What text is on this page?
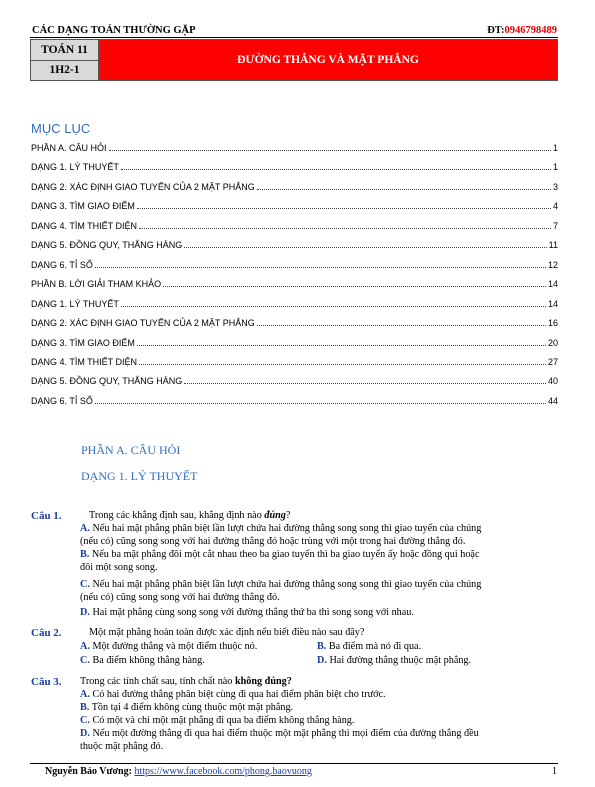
CÁC DẠNG TOÁN THƯỜNG GẶP	ĐT:0946798489
TOÁN 11
1H2-1
ĐƯỜNG THẲNG VÀ MẶT PHẲNG
MỤC LỤC
PHẦN A. CÂU HỎI	1
DẠNG 1. LÝ THUYẾT	1
DẠNG 2. XÁC ĐỊNH GIAO TUYẾN CỦA 2 MẶT PHẲNG	3
DẠNG 3. TÌM GIAO ĐIỂM	4
DẠNG 4. TÌM THIẾT DIỆN	7
DẠNG 5. ĐỒNG QUY, THẲNG HÀNG	11
DẠNG 6. TỈ SỐ	12
PHẦN B. LỜI GIẢI THAM KHẢO	14
DẠNG 1. LÝ THUYẾT	14
DẠNG 2. XÁC ĐỊNH GIAO TUYẾN CỦA 2 MẶT PHẲNG	16
DẠNG 3. TÌM GIAO ĐIỂM	20
DẠNG 4. TÌM THIẾT DIỆN	27
DẠNG 5. ĐỒNG QUY, THẲNG HÀNG	40
DẠNG 6. TỈ SỐ	44
PHẦN A. CÂU HỎI
DẠNG 1. LÝ THUYẾT
Câu 1.	Trong các khẳng định sau, khẳng định nào đúng?
A. Nếu hai mặt phẳng phân biệt lần lượt chứa hai đường thẳng song song thì giao tuyến của chúng
(nếu có) cũng song song với hai đường thẳng đó hoặc trùng với một trong hai đường thẳng đó.
B. Nếu ba mặt phẳng đôi một cắt nhau theo ba giao tuyến thì ba giao tuyến ấy hoặc đồng qui hoặc
đôi một song song.
C. Nếu hai mặt phẳng phân biệt lần lượt chứa hai đường thẳng song song thì giao tuyến của chúng
(nếu có) cũng song song với hai đường thẳng đó.
D. Hai mặt phẳng cùng song song với đường thẳng thứ ba thì song song với nhau.
Câu 2.	Một mặt phẳng hoàn toàn được xác định nếu biết điều nào sau đây?
A. Một đường thẳng và một điểm thuộc nó.	B. Ba điểm mà nó đi qua.
C. Ba điểm không thẳng hàng.	D. Hai đường thẳng thuộc mặt phẳng.
Câu 3. Trong các tính chất sau, tính chất nào không đúng?
A. Có hai đường thẳng phân biệt cùng đi qua hai điểm phân biệt cho trước.
B. Tồn tại 4 điểm không cùng thuộc một mặt phẳng.
C. Có một và chỉ một mặt phẳng đi qua ba điểm không thẳng hàng.
D. Nếu một đường thẳng đi qua hai điểm thuộc một mặt phẳng thì mọi điểm của đường thẳng đều
thuộc mặt phẳng đó.
Nguyễn Bảo Vương: https://www.facebook.com/phong.baovuong	1
